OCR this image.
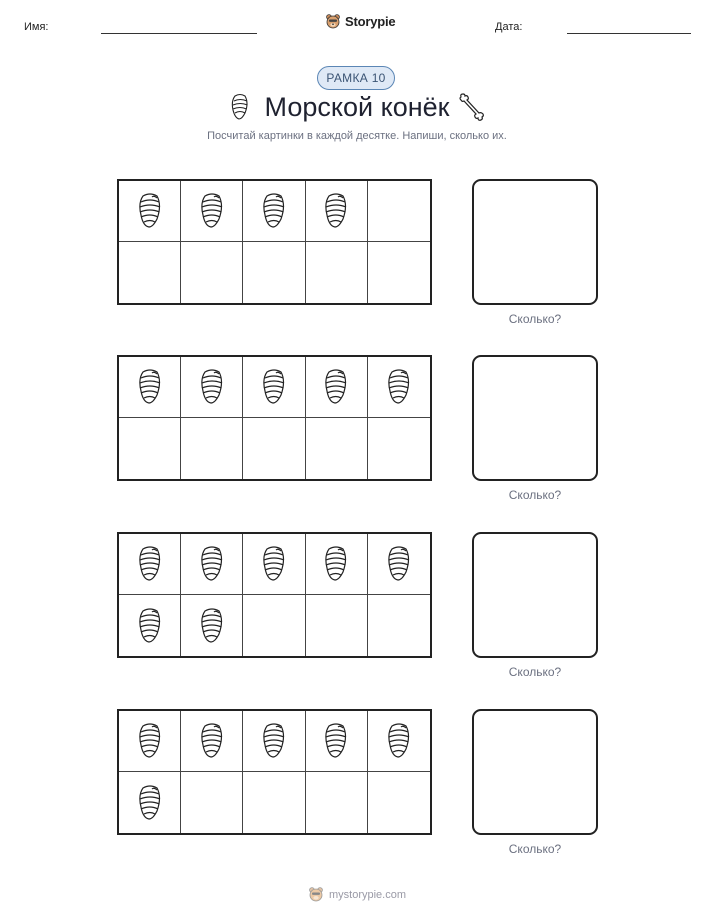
Имя:	Storypie	Дата:
РАМКА 10
Морской конёк
Посчитай картинки в каждой десятке. Напиши, сколько их.
Сколько?
Сколько?
Сколько?
Сколько?
mystorypie.com
